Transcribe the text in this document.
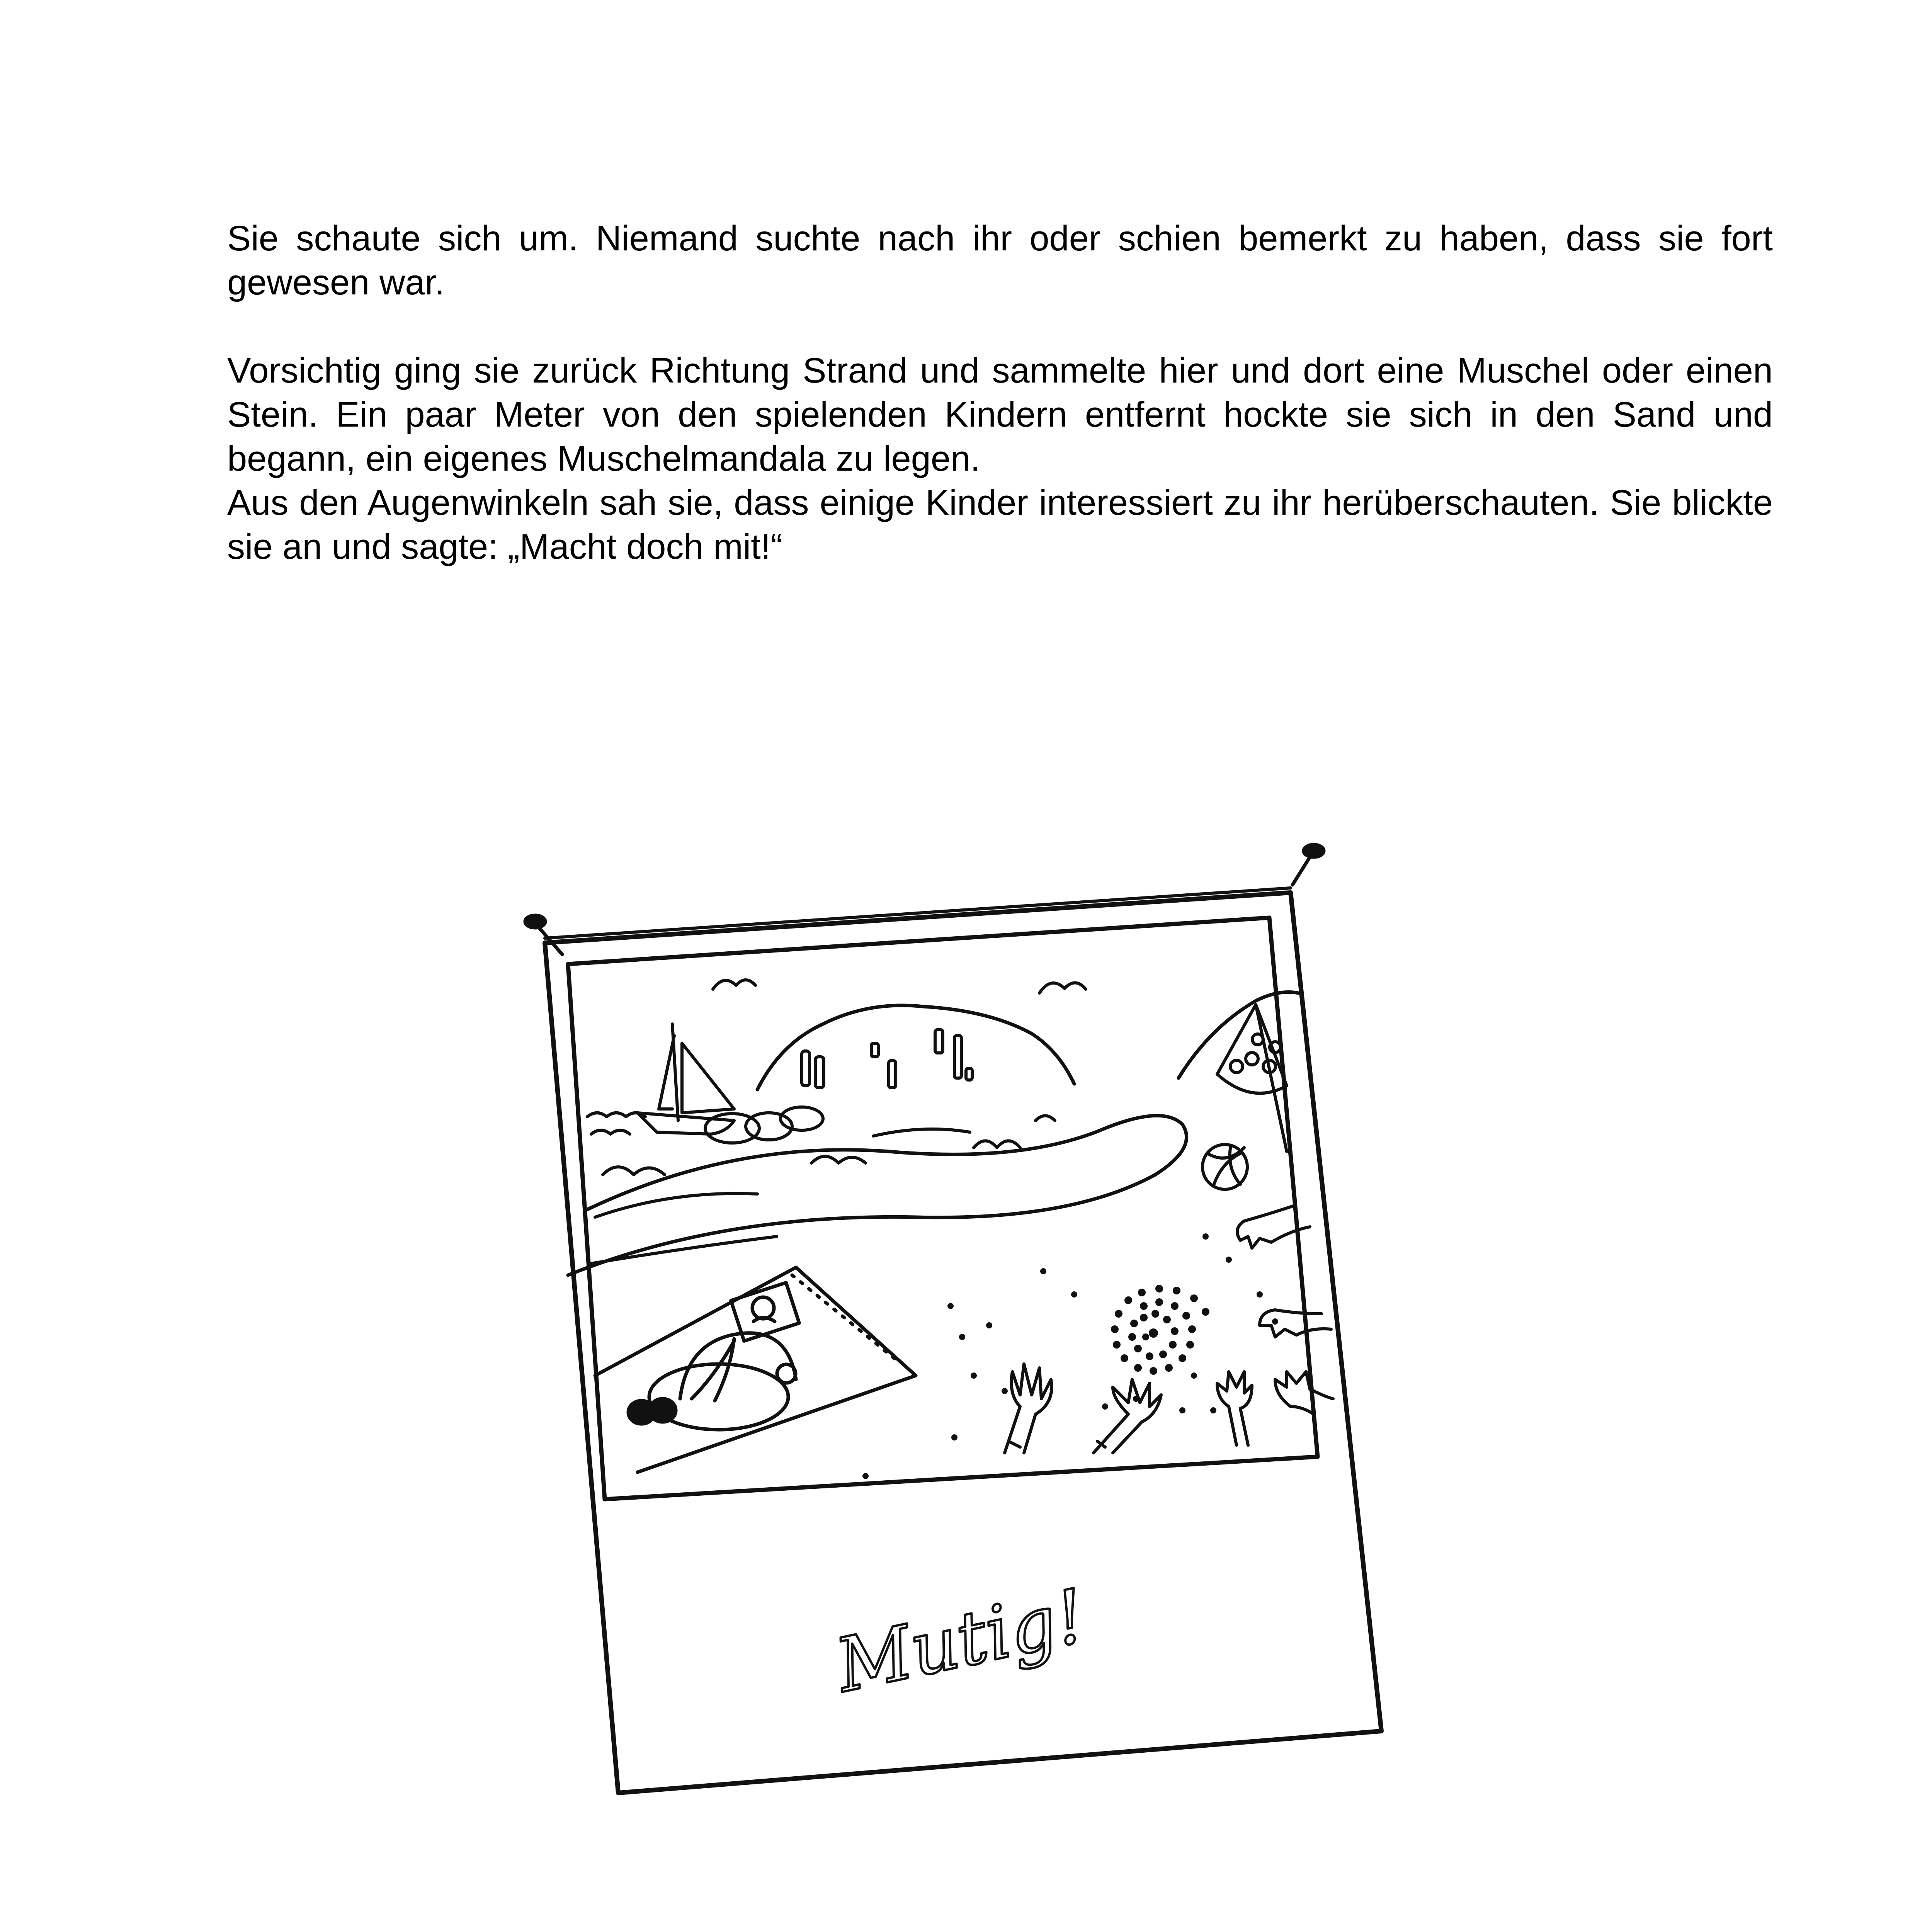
Sie schaute sich um. Niemand suchte nach ihr oder schien bemerkt zu haben, dass sie fort gewesen war.

Vorsichtig ging sie zurück Richtung Strand und sammelte hier und dort eine Muschel oder einen Stein. Ein paar Meter von den spielenden Kindern entfernt hockte sie sich in den Sand und begann, ein eigenes Muschelmandala zu legen.

Aus den Augenwinkeln sah sie, dass einige Kinder interessiert zu ihr herüberschauten. Sie blickte sie an und sagte: „Macht doch mit!“

Mutig!
